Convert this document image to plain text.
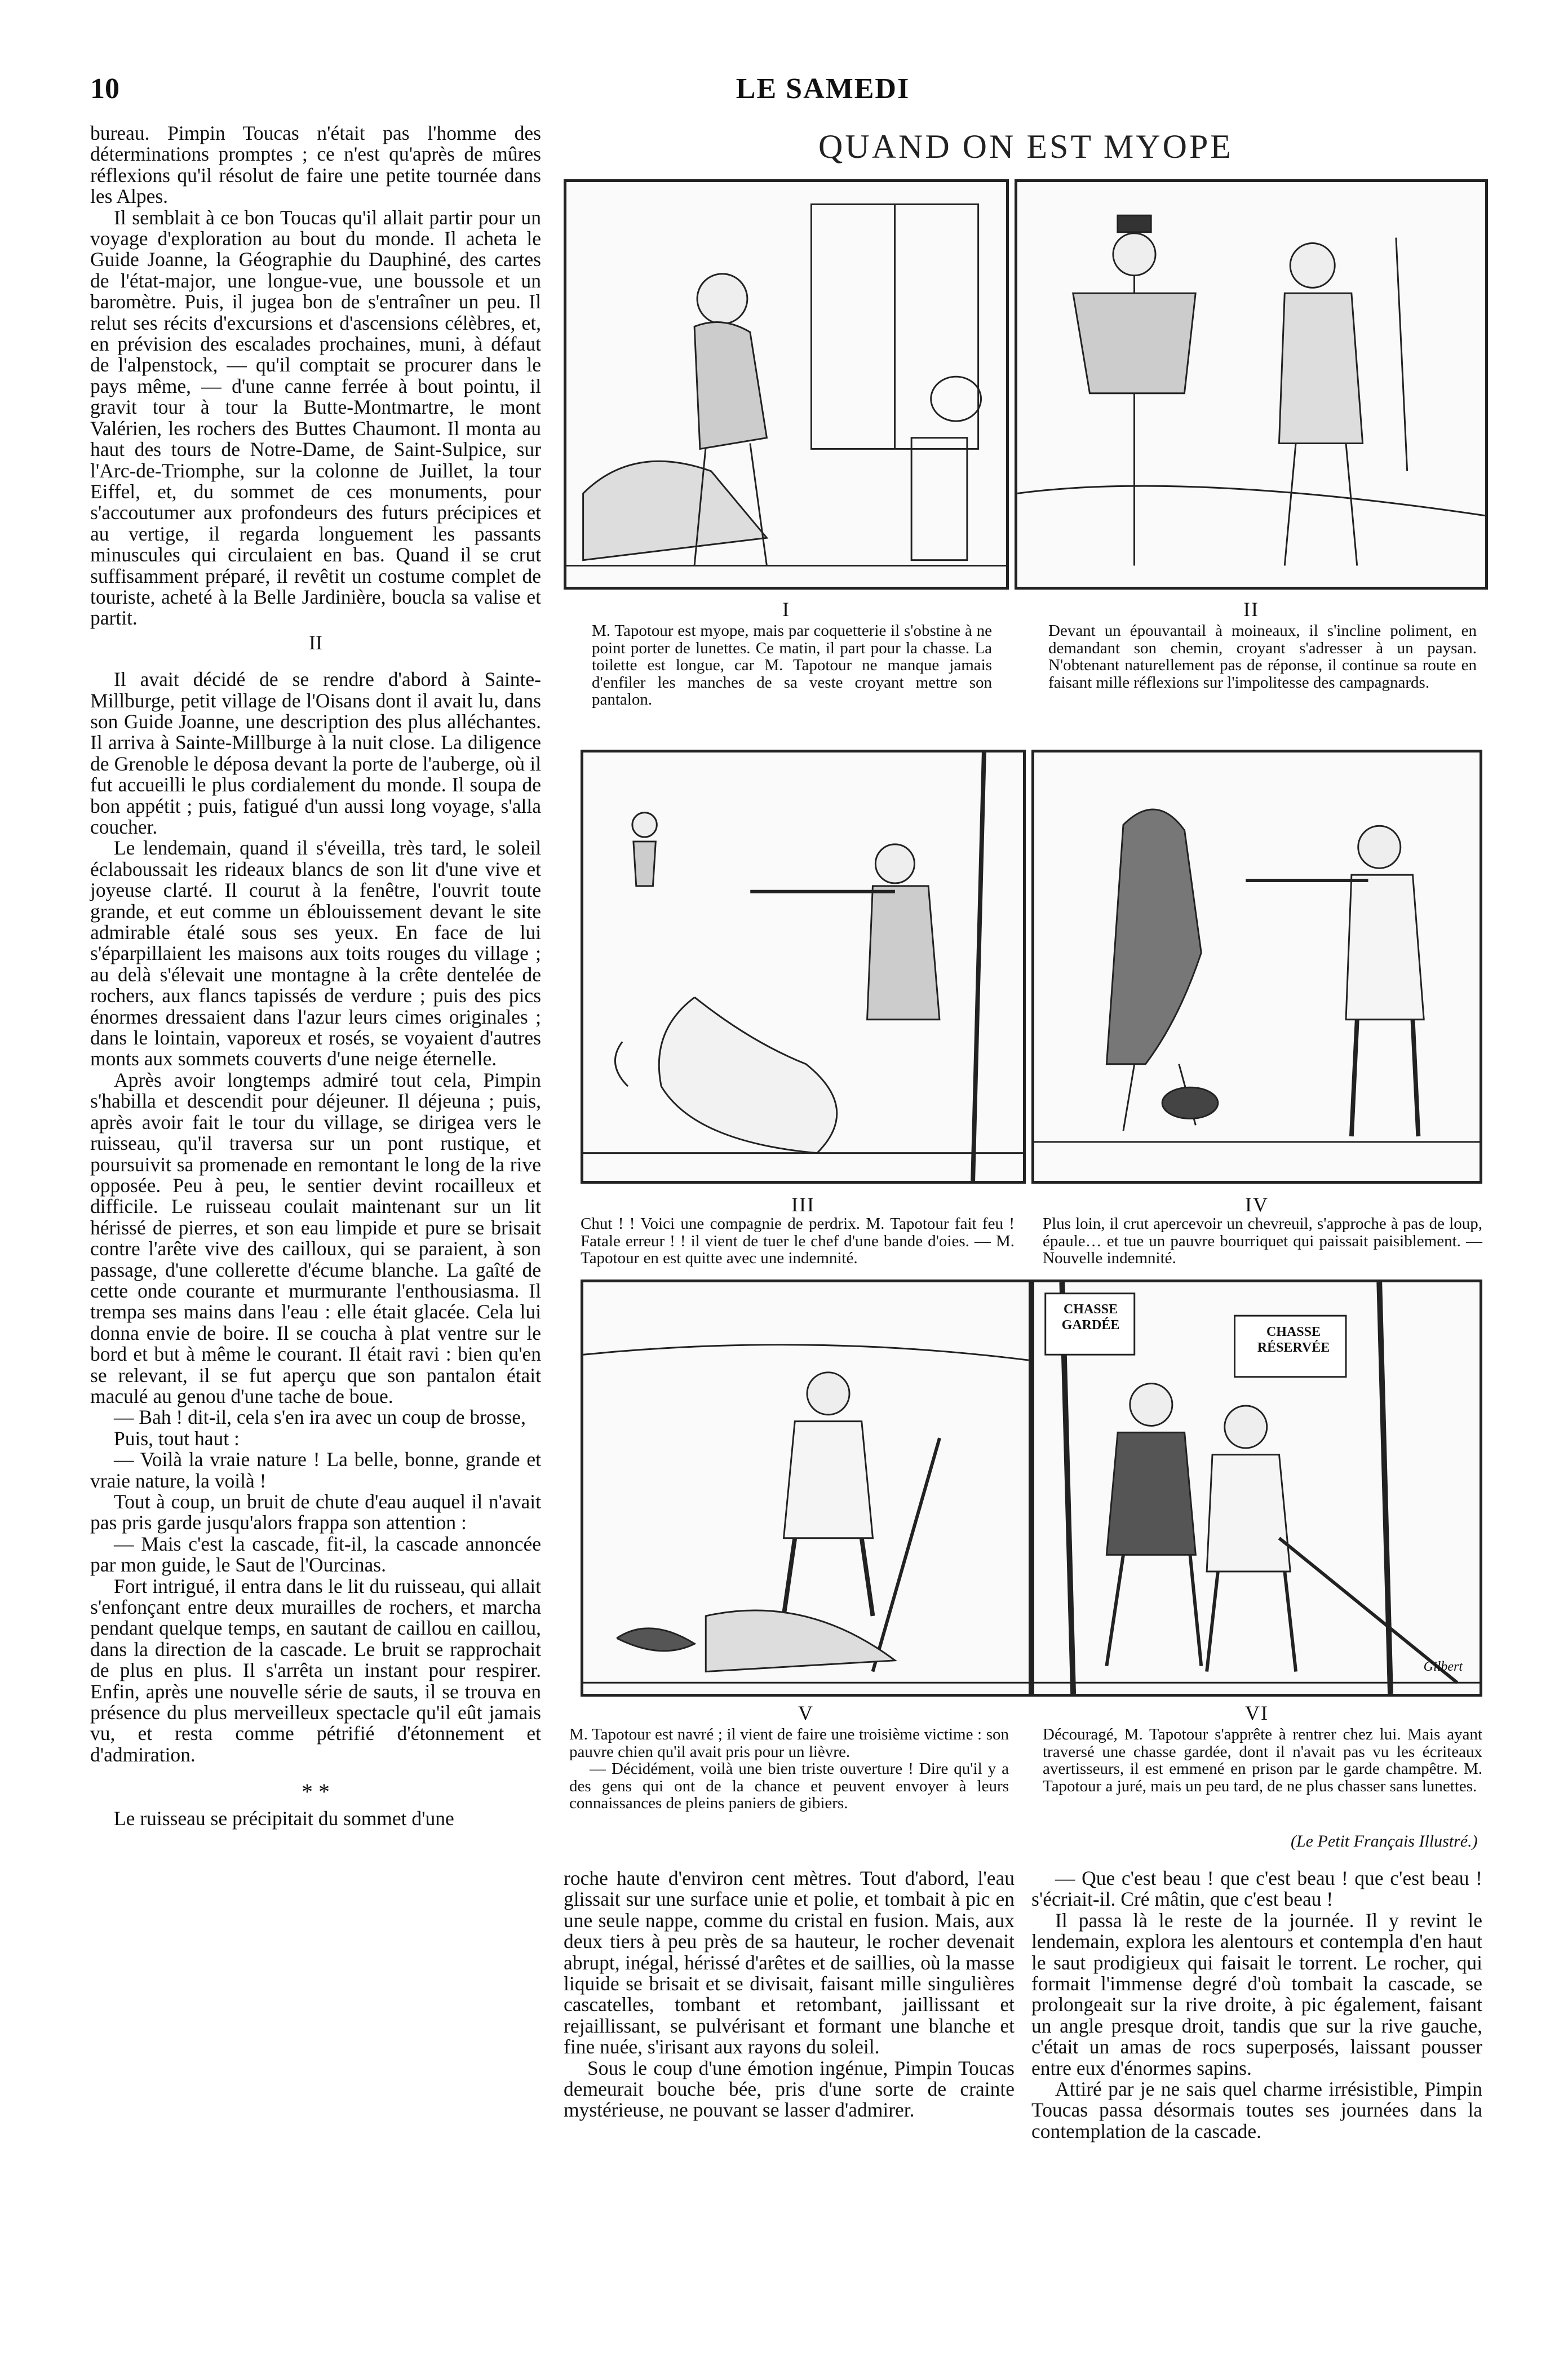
10	LE SAMEDI

bureau. Pimpin Toucas n'était pas l'homme des déterminations promptes ; ce n'est qu'après de mûres réflexions qu'il résolut de faire une petite tournée dans les Alpes.

Il semblait à ce bon Toucas qu'il allait partir pour un voyage d'exploration au bout du monde. Il acheta le Guide Joanne, la Géographie du Dauphiné, des cartes de l'état-major, une longue-vue, une boussole et un baromètre. Puis, il jugea bon de s'entraîner un peu. Il relut ses récits d'excursions et d'ascensions célèbres, et, en prévision des escalades prochaines, muni, à défaut de l'alpenstock, — qu'il comptait se procurer dans le pays même, — d'une canne ferrée à bout pointu, il gravit tour à tour la Butte-Montmartre, le mont Valérien, les rochers des Buttes Chaumont. Il monta au haut des tours de Notre-Dame, de Saint-Sulpice, sur l'Arc-de-Triomphe, sur la colonne de Juillet, la tour Eiffel, et, du sommet de ces monuments, pour s'accoutumer aux profondeurs des futurs précipices et au vertige, il regarda longuement les passants minuscules qui circulaient en bas. Quand il se crut suffisamment préparé, il revêtit un costume complet de touriste, acheté à la Belle Jardinière, boucla sa valise et partit.

II

Il avait décidé de se rendre d'abord à Sainte-Millburge, petit village de l'Oisans dont il avait lu, dans son Guide Joanne, une description des plus alléchantes. Il arriva à Sainte-Millburge à la nuit close. La diligence de Grenoble le déposa devant la porte de l'auberge, où il fut accueilli le plus cordialement du monde. Il soupa de bon appétit ; puis, fatigué d'un aussi long voyage, s'alla coucher.

Le lendemain, quand il s'éveilla, très tard, le soleil éclaboussait les rideaux blancs de son lit d'une vive et joyeuse clarté. Il courut à la fenêtre, l'ouvrit toute grande, et eut comme un éblouissement devant le site admirable étalé sous ses yeux. En face de lui s'éparpillaient les maisons aux toits rouges du village ; au delà s'élevait une montagne à la crête dentelée de rochers, aux flancs tapissés de verdure ; puis des pics énormes dressaient dans l'azur leurs cimes originales ; dans le lointain, vaporeux et rosés, se voyaient d'autres monts aux sommets couverts d'une neige éternelle.

Après avoir longtemps admiré tout cela, Pimpin s'habilla et descendit pour déjeuner. Il déjeuna ; puis, après avoir fait le tour du village, se dirigea vers le ruisseau, qu'il traversa sur un pont rustique, et poursuivit sa promenade en remontant le long de la rive opposée. Peu à peu, le sentier devint rocailleux et difficile. Le ruisseau coulait maintenant sur un lit hérissé de pierres, et son eau limpide et pure se brisait contre l'arête vive des cailloux, qui se paraient, à son passage, d'une collerette d'écume blanche. La gaîté de cette onde courante et murmurante l'enthousiasma. Il trempa ses mains dans l'eau : elle était glacée. Cela lui donna envie de boire. Il se coucha à plat ventre sur le bord et but à même le courant. Il était ravi : bien qu'en se relevant, il se fut aperçu que son pantalon était maculé au genou d'une tache de boue.

— Bah ! dit-il, cela s'en ira avec un coup de brosse,

Puis, tout haut :

— Voilà la vraie nature ! La belle, bonne, grande et vraie nature, la voilà !

Tout à coup, un bruit de chute d'eau auquel il n'avait pas pris garde jusqu'alors frappa son attention :

— Mais c'est la cascade, fit-il, la cascade annoncée par mon guide, le Saut de l'Ourcinas.

Fort intrigué, il entra dans le lit du ruisseau, qui allait s'enfonçant entre deux murailles de rochers, et marcha pendant quelque temps, en sautant de caillou en caillou, dans la direction de la cascade. Le bruit se rapprochait de plus en plus. Il s'arrêta un instant pour respirer. Enfin, après une nouvelle série de sauts, il se trouva en présence du plus merveilleux spectacle qu'il eût jamais vu, et resta comme pétrifié d'étonnement et d'admiration.

* *

Le ruisseau se précipitait du sommet d'une

QUAND ON EST MYOPE
I	II

M. Tapotour est myope, mais par coquetterie il s'obstine à ne point porter de lunettes. Ce matin, il part pour la chasse. La toilette est longue, car M. Tapotour ne manque jamais d'enfiler les manches de sa veste croyant mettre son pantalon.

Devant un épouvantail à moineaux, il s'incline poliment, en demandant son chemin, croyant s'adresser à un paysan. N'obtenant naturellement pas de réponse, il continue sa route en faisant mille réflexions sur l'impolitesse des campagnards.

III	IV

Chut ! ! Voici une compagnie de perdrix. M. Tapotour fait feu ! Fatale erreur ! ! il vient de tuer le chef d'une bande d'oies. — M. Tapotour en est quitte avec une indemnité.

Plus loin, il crut apercevoir un chevreuil, s'approche à pas de loup, épaule… et tue un pauvre bourriquet qui paissait paisiblement. — Nouvelle indemnité.

CHASSE GARDÉE	CHASSE RÉSERVÉE
Gilbert
V	VI

M. Tapotour est navré ; il vient de faire une troisième victime : son pauvre chien qu'il avait pris pour un lièvre.

— Décidément, voilà une bien triste ouverture ! Dire qu'il y a des gens qui ont de la chance et peuvent envoyer à leurs connaissances de pleins paniers de gibiers.

Découragé, M. Tapotour s'apprête à rentrer chez lui. Mais ayant traversé une chasse gardée, dont il n'avait pas vu les écriteaux avertisseurs, il est emmené en prison par le garde champêtre. M. Tapotour a juré, mais un peu tard, de ne plus chasser sans lunettes.

(Le Petit Français Illustré.)

roche haute d'environ cent mètres. Tout d'abord, l'eau glissait sur une surface unie et polie, et tombait à pic en une seule nappe, comme du cristal en fusion. Mais, aux deux tiers à peu près de sa hauteur, le rocher devenait abrupt, inégal, hérissé d'arêtes et de saillies, où la masse liquide se brisait et se divisait, faisant mille singulières cascatelles, tombant et retombant, jaillissant et rejaillissant, se pulvérisant et formant une blanche et fine nuée, s'irisant aux rayons du soleil.

Sous le coup d'une émotion ingénue, Pimpin Toucas demeurait bouche bée, pris d'une sorte de crainte mystérieuse, ne pouvant se lasser d'admirer.

— Que c'est beau ! que c'est beau ! que c'est beau ! s'écriait-il. Cré mâtin, que c'est beau !

Il passa là le reste de la journée. Il y revint le lendemain, explora les alentours et contempla d'en haut le saut prodigieux qui faisait le torrent. Le rocher, qui formait l'immense degré d'où tombait la cascade, se prolongeait sur la rive droite, à pic également, faisant un angle presque droit, tandis que sur la rive gauche, c'était un amas de rocs superposés, laissant pousser entre eux d'énormes sapins.

Attiré par je ne sais quel charme irrésistible, Pimpin Toucas passa désormais toutes ses journées dans la contemplation de la cascade.
